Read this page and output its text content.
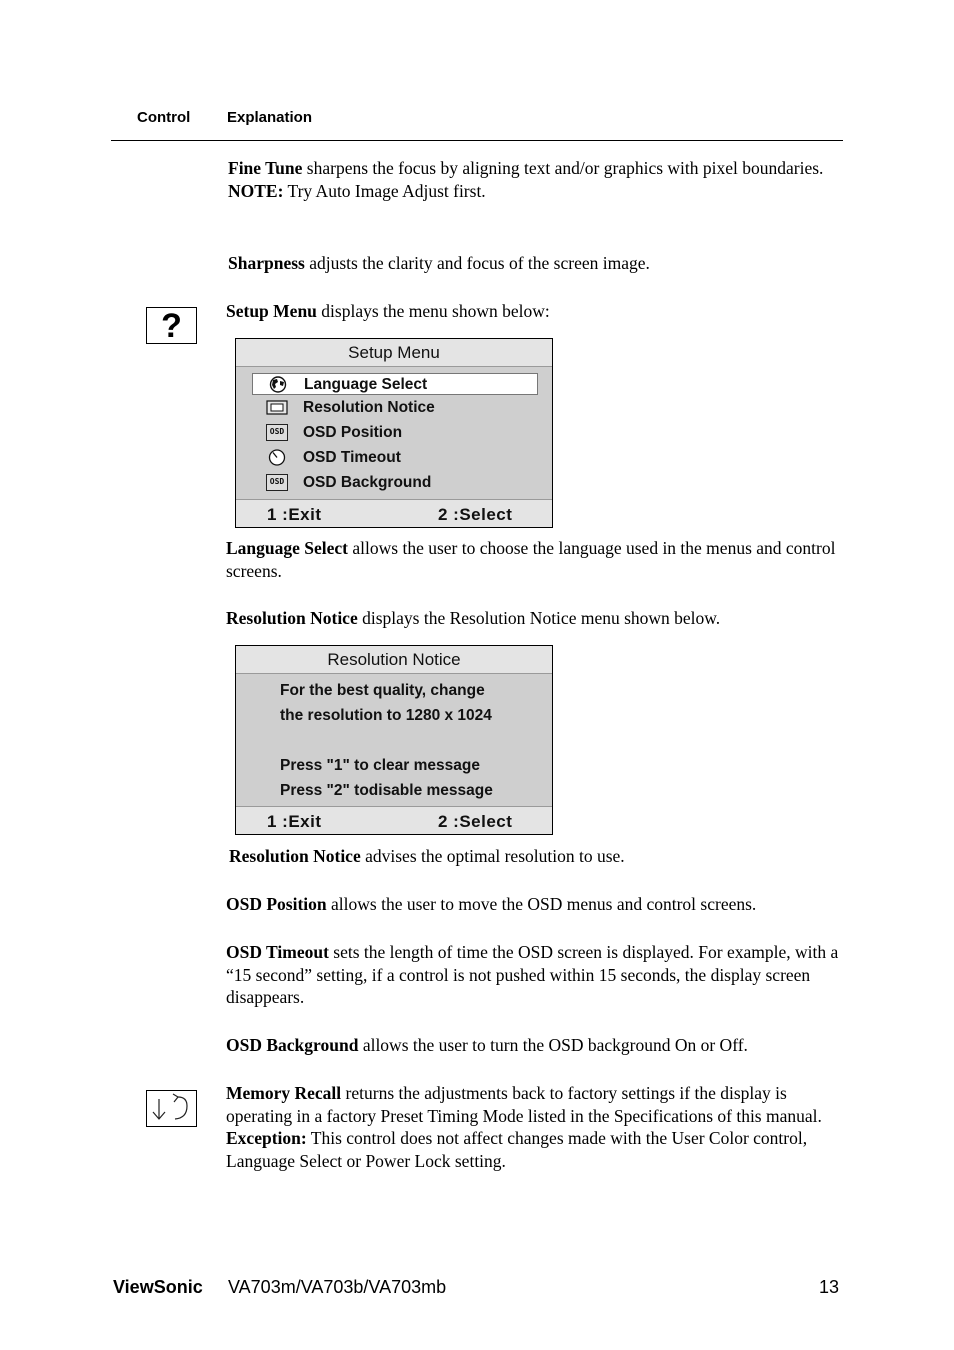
Control Explanation
Fine Tune sharpens the focus by aligning text and/or graphics with pixel boundaries.
NOTE: Try Auto Image Adjust first.
Sharpness adjusts the clarity and focus of the screen image.
?	Setup Menu displays the menu shown below:
Setup Menu
Language Select
Resolution Notice
OSD OSD Position
OSD Timeout
OSD OSD Background
1 :Exit	2 :Select
Language Select allows the user to choose the language used in the menus and control screens.
Resolution Notice displays the Resolution Notice menu shown below.
Resolution Notice
For the best quality, change
the resolution to 1280 x 1024
Press "1" to clear message
Press "2" todisable message
1 :Exit	2 :Select
Resolution Notice advises the optimal resolution to use.
OSD Position allows the user to move the OSD menus and control screens.
OSD Timeout sets the length of time the OSD screen is displayed. For example, with a “15 second” setting, if a control is not pushed within 15 seconds, the display screen disappears.
OSD Background allows the user to turn the OSD background On or Off.
Memory Recall returns the adjustments back to factory settings if the display is operating in a factory Preset Timing Mode listed in the Specifications of this manual.
Exception: This control does not affect changes made with the User Color control, Language Select or Power Lock setting.
ViewSonic VA703m/VA703b/VA703mb	13
